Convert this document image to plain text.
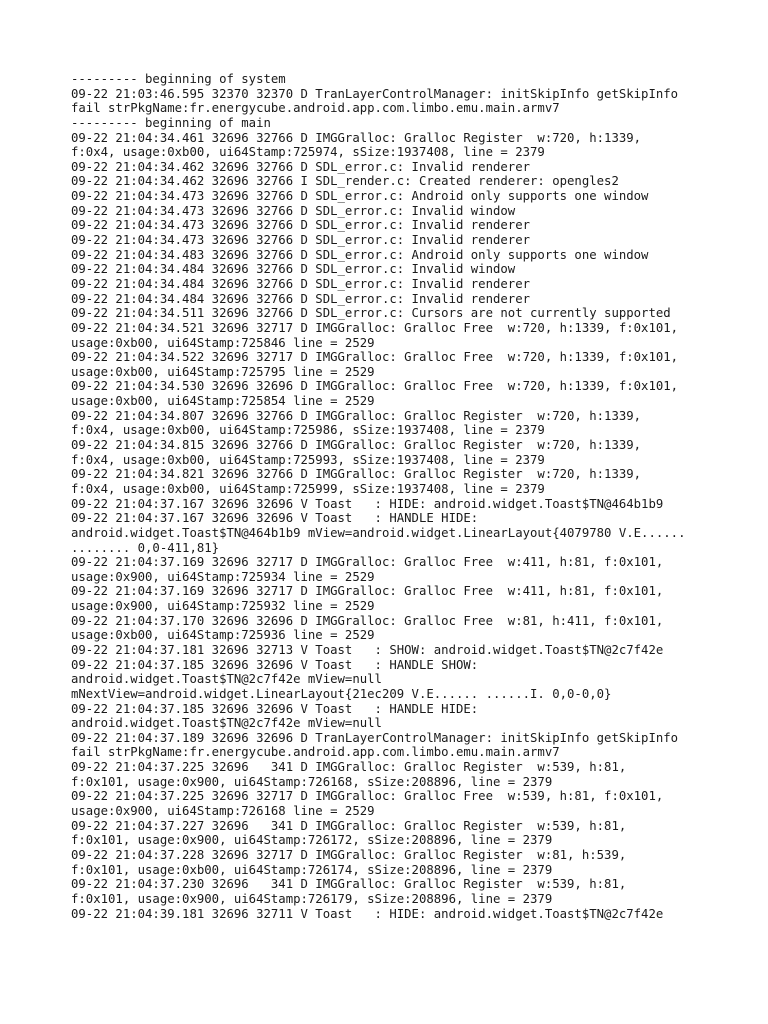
--------- beginning of system
09-22 21:03:46.595 32370 32370 D TranLayerControlManager: initSkipInfo getSkipInfo
fail strPkgName:fr.energycube.android.app.com.limbo.emu.main.armv7
--------- beginning of main
09-22 21:04:34.461 32696 32766 D IMGGralloc: Gralloc Register  w:720, h:1339,
f:0x4, usage:0xb00, ui64Stamp:725974, sSize:1937408, line = 2379
09-22 21:04:34.462 32696 32766 D SDL_error.c: Invalid renderer
09-22 21:04:34.462 32696 32766 I SDL_render.c: Created renderer: opengles2
09-22 21:04:34.473 32696 32766 D SDL_error.c: Android only supports one window
09-22 21:04:34.473 32696 32766 D SDL_error.c: Invalid window
09-22 21:04:34.473 32696 32766 D SDL_error.c: Invalid renderer
09-22 21:04:34.473 32696 32766 D SDL_error.c: Invalid renderer
09-22 21:04:34.483 32696 32766 D SDL_error.c: Android only supports one window
09-22 21:04:34.484 32696 32766 D SDL_error.c: Invalid window
09-22 21:04:34.484 32696 32766 D SDL_error.c: Invalid renderer
09-22 21:04:34.484 32696 32766 D SDL_error.c: Invalid renderer
09-22 21:04:34.511 32696 32766 D SDL_error.c: Cursors are not currently supported
09-22 21:04:34.521 32696 32717 D IMGGralloc: Gralloc Free  w:720, h:1339, f:0x101,
usage:0xb00, ui64Stamp:725846 line = 2529
09-22 21:04:34.522 32696 32717 D IMGGralloc: Gralloc Free  w:720, h:1339, f:0x101,
usage:0xb00, ui64Stamp:725795 line = 2529
09-22 21:04:34.530 32696 32696 D IMGGralloc: Gralloc Free  w:720, h:1339, f:0x101,
usage:0xb00, ui64Stamp:725854 line = 2529
09-22 21:04:34.807 32696 32766 D IMGGralloc: Gralloc Register  w:720, h:1339,
f:0x4, usage:0xb00, ui64Stamp:725986, sSize:1937408, line = 2379
09-22 21:04:34.815 32696 32766 D IMGGralloc: Gralloc Register  w:720, h:1339,
f:0x4, usage:0xb00, ui64Stamp:725993, sSize:1937408, line = 2379
09-22 21:04:34.821 32696 32766 D IMGGralloc: Gralloc Register  w:720, h:1339,
f:0x4, usage:0xb00, ui64Stamp:725999, sSize:1937408, line = 2379
09-22 21:04:37.167 32696 32696 V Toast   : HIDE: android.widget.Toast$TN@464b1b9
09-22 21:04:37.167 32696 32696 V Toast   : HANDLE HIDE:
android.widget.Toast$TN@464b1b9 mView=android.widget.LinearLayout{4079780 V.E......
........ 0,0-411,81}
09-22 21:04:37.169 32696 32717 D IMGGralloc: Gralloc Free  w:411, h:81, f:0x101,
usage:0x900, ui64Stamp:725934 line = 2529
09-22 21:04:37.169 32696 32717 D IMGGralloc: Gralloc Free  w:411, h:81, f:0x101,
usage:0x900, ui64Stamp:725932 line = 2529
09-22 21:04:37.170 32696 32696 D IMGGralloc: Gralloc Free  w:81, h:411, f:0x101,
usage:0xb00, ui64Stamp:725936 line = 2529
09-22 21:04:37.181 32696 32713 V Toast   : SHOW: android.widget.Toast$TN@2c7f42e
09-22 21:04:37.185 32696 32696 V Toast   : HANDLE SHOW:
android.widget.Toast$TN@2c7f42e mView=null
mNextView=android.widget.LinearLayout{21ec209 V.E...... ......I. 0,0-0,0}
09-22 21:04:37.185 32696 32696 V Toast   : HANDLE HIDE:
android.widget.Toast$TN@2c7f42e mView=null
09-22 21:04:37.189 32696 32696 D TranLayerControlManager: initSkipInfo getSkipInfo
fail strPkgName:fr.energycube.android.app.com.limbo.emu.main.armv7
09-22 21:04:37.225 32696   341 D IMGGralloc: Gralloc Register  w:539, h:81,
f:0x101, usage:0x900, ui64Stamp:726168, sSize:208896, line = 2379
09-22 21:04:37.225 32696 32717 D IMGGralloc: Gralloc Free  w:539, h:81, f:0x101,
usage:0x900, ui64Stamp:726168 line = 2529
09-22 21:04:37.227 32696   341 D IMGGralloc: Gralloc Register  w:539, h:81,
f:0x101, usage:0x900, ui64Stamp:726172, sSize:208896, line = 2379
09-22 21:04:37.228 32696 32717 D IMGGralloc: Gralloc Register  w:81, h:539,
f:0x101, usage:0xb00, ui64Stamp:726174, sSize:208896, line = 2379
09-22 21:04:37.230 32696   341 D IMGGralloc: Gralloc Register  w:539, h:81,
f:0x101, usage:0x900, ui64Stamp:726179, sSize:208896, line = 2379
09-22 21:04:39.181 32696 32711 V Toast   : HIDE: android.widget.Toast$TN@2c7f42e
